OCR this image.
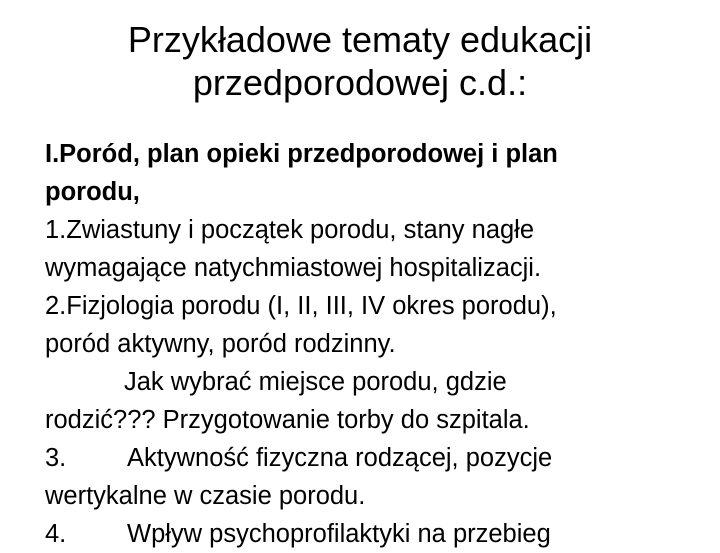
Przykładowe tematy edukacji
przedporodowej c.d.:
I.Poród, plan opieki przedporodowej i plan
porodu,
1.Zwiastuny i początek porodu, stany nagłe
wymagające natychmiastowej hospitalizacji.
2.Fizjologia porodu (I, II, III, IV okres porodu),
poród aktywny, poród rodzinny.
Jak wybrać miejsce porodu, gdzie
rodzić??? Przygotowanie torby do szpitala.
3. Aktywność fizyczna rodzącej, pozycje
wertykalne w czasie porodu.
4. Wpływ psychoprofilaktyki na przebieg
